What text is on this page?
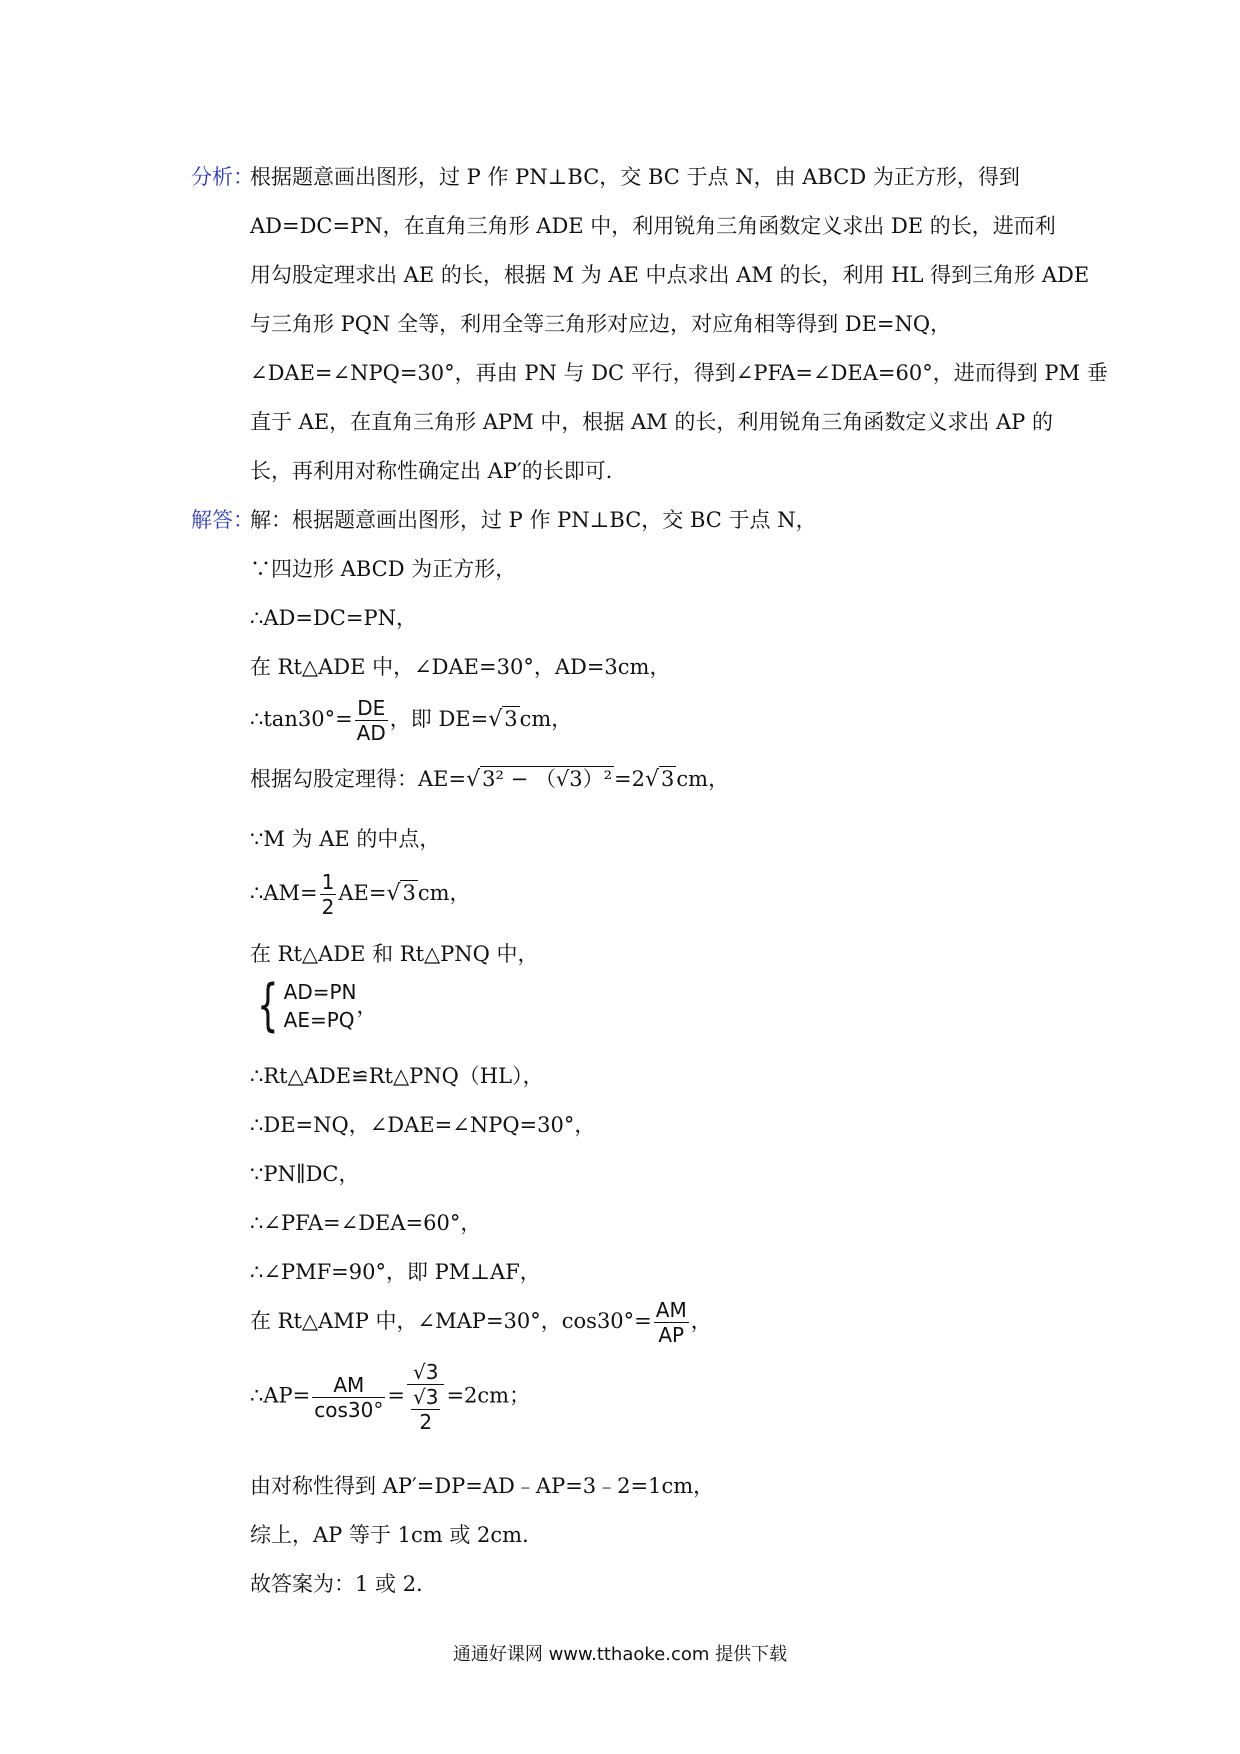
分析：
根据题意画出图形，过 P 作 PN⊥BC，交 BC 于点 N，由 ABCD 为正方形，得到
AD=DC=PN，在直角三角形 ADE 中，利用锐角三角函数定义求出 DE 的长，进而利
用勾股定理求出 AE 的长，根据 M 为 AE 中点求出 AM 的长，利用 HL 得到三角形 ADE
与三角形 PQN 全等，利用全等三角形对应边，对应角相等得到 DE=NQ，
∠DAE=∠NPQ=30°，再由 PN 与 DC 平行，得到∠PFA=∠DEA=60°，进而得到 PM 垂
直于 AE，在直角三角形 APM 中，根据 AM 的长，利用锐角三角函数定义求出 AP 的
长，再利用对称性确定出 AP′的长即可．
解答：
解：根据题意画出图形，过 P 作 PN⊥BC，交 BC 于点 N，
∵四边形 ABCD 为正方形，
∴AD=DC=PN，
在 Rt△ADE 中，∠DAE=30°，AD=3cm，
∴tan30°= $\frac{DE}{AD}$ ，即 DE=√3cm，
根据勾股定理得：AE=√3² − （√3）²=2√3cm，
∵M 为 AE 的中点，
∴AM= $\frac{1}{2} AE=√3cm$，
在 Rt△ADE 和 Rt△PNQ 中，
{ AD=PN
AE=PQ
，
∴Rt△ADE≌Rt△PNQ（HL），
∴DE=NQ，∠DAE=∠NPQ=30°，
∵PN∥DC，
∴∠PFA=∠DEA=60°，
∴∠PMF=90°，即 PM⊥AF，
在 Rt△AMP 中，∠MAP=30°，$\cos 30^\circ= \frac{AM}{AP}$ ，
∴AP= $\frac{AM}{\cos 30^\circ} = \frac{√3}{\frac{√3}{2}} =2cm$；
由对称性得到 AP′=DP=AD﹣AP=3﹣2=1cm，
综上，AP 等于 1cm 或 2cm．
故答案为：1 或 2．
通通好课网 www.tthaoke.com 提供下载
